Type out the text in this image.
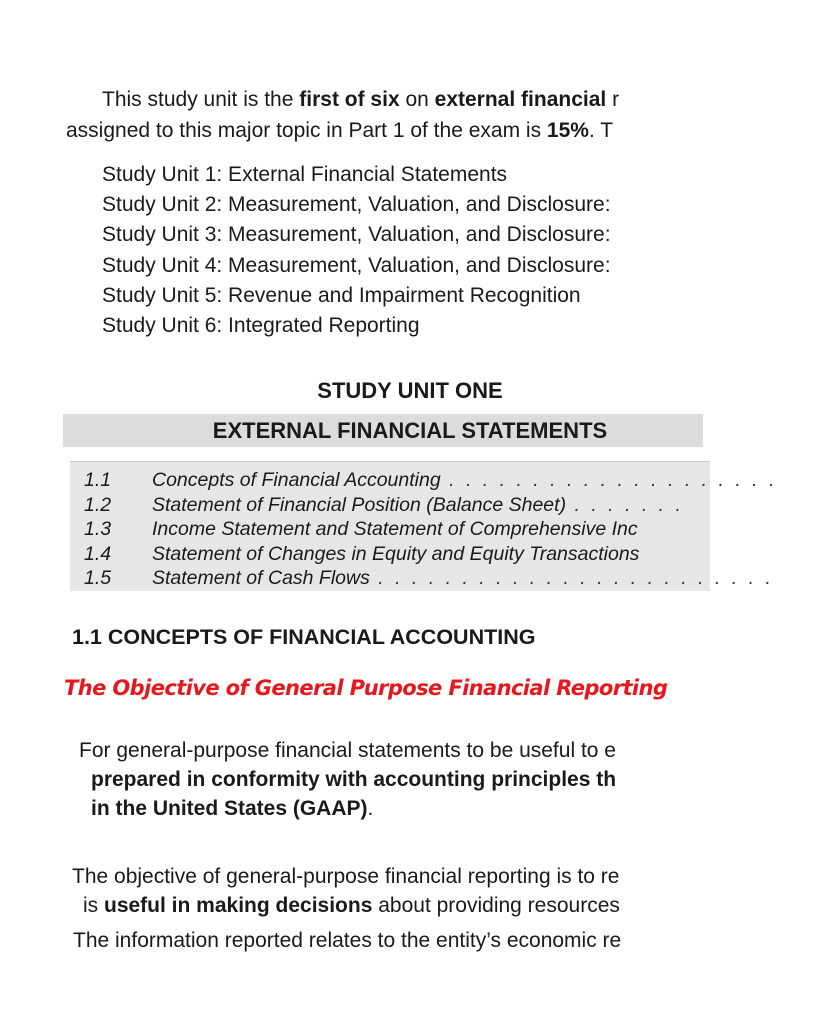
This study unit is the first of six on external financial r
assigned to this major topic in Part 1 of the exam is 15%. T
Study Unit 1: External Financial Statements
Study Unit 2: Measurement, Valuation, and Disclosure:
Study Unit 3: Measurement, Valuation, and Disclosure:
Study Unit 4: Measurement, Valuation, and Disclosure:
Study Unit 5: Revenue and Impairment Recognition
Study Unit 6: Integrated Reporting
STUDY UNIT ONE
EXTERNAL FINANCIAL STATEMENTS
1.1 Concepts of Financial Accounting . . . . . . . . . . . . . . . . . . . .
1.2 Statement of Financial Position (Balance Sheet) . . . . . . .
1.3 Income Statement and Statement of Comprehensive Inc
1.4 Statement of Changes in Equity and Equity Transactions
1.5 Statement of Cash Flows . . . . . . . . . . . . . . . . . . . . . . . .
1.1 CONCEPTS OF FINANCIAL ACCOUNTING
The Objective of General Purpose Financial Reporting
For general-purpose financial statements to be useful to e
prepared in conformity with accounting principles th
in the United States (GAAP).
The objective of general-purpose financial reporting is to re
is useful in making decisions about providing resources
The information reported relates to the entity’s economic re
